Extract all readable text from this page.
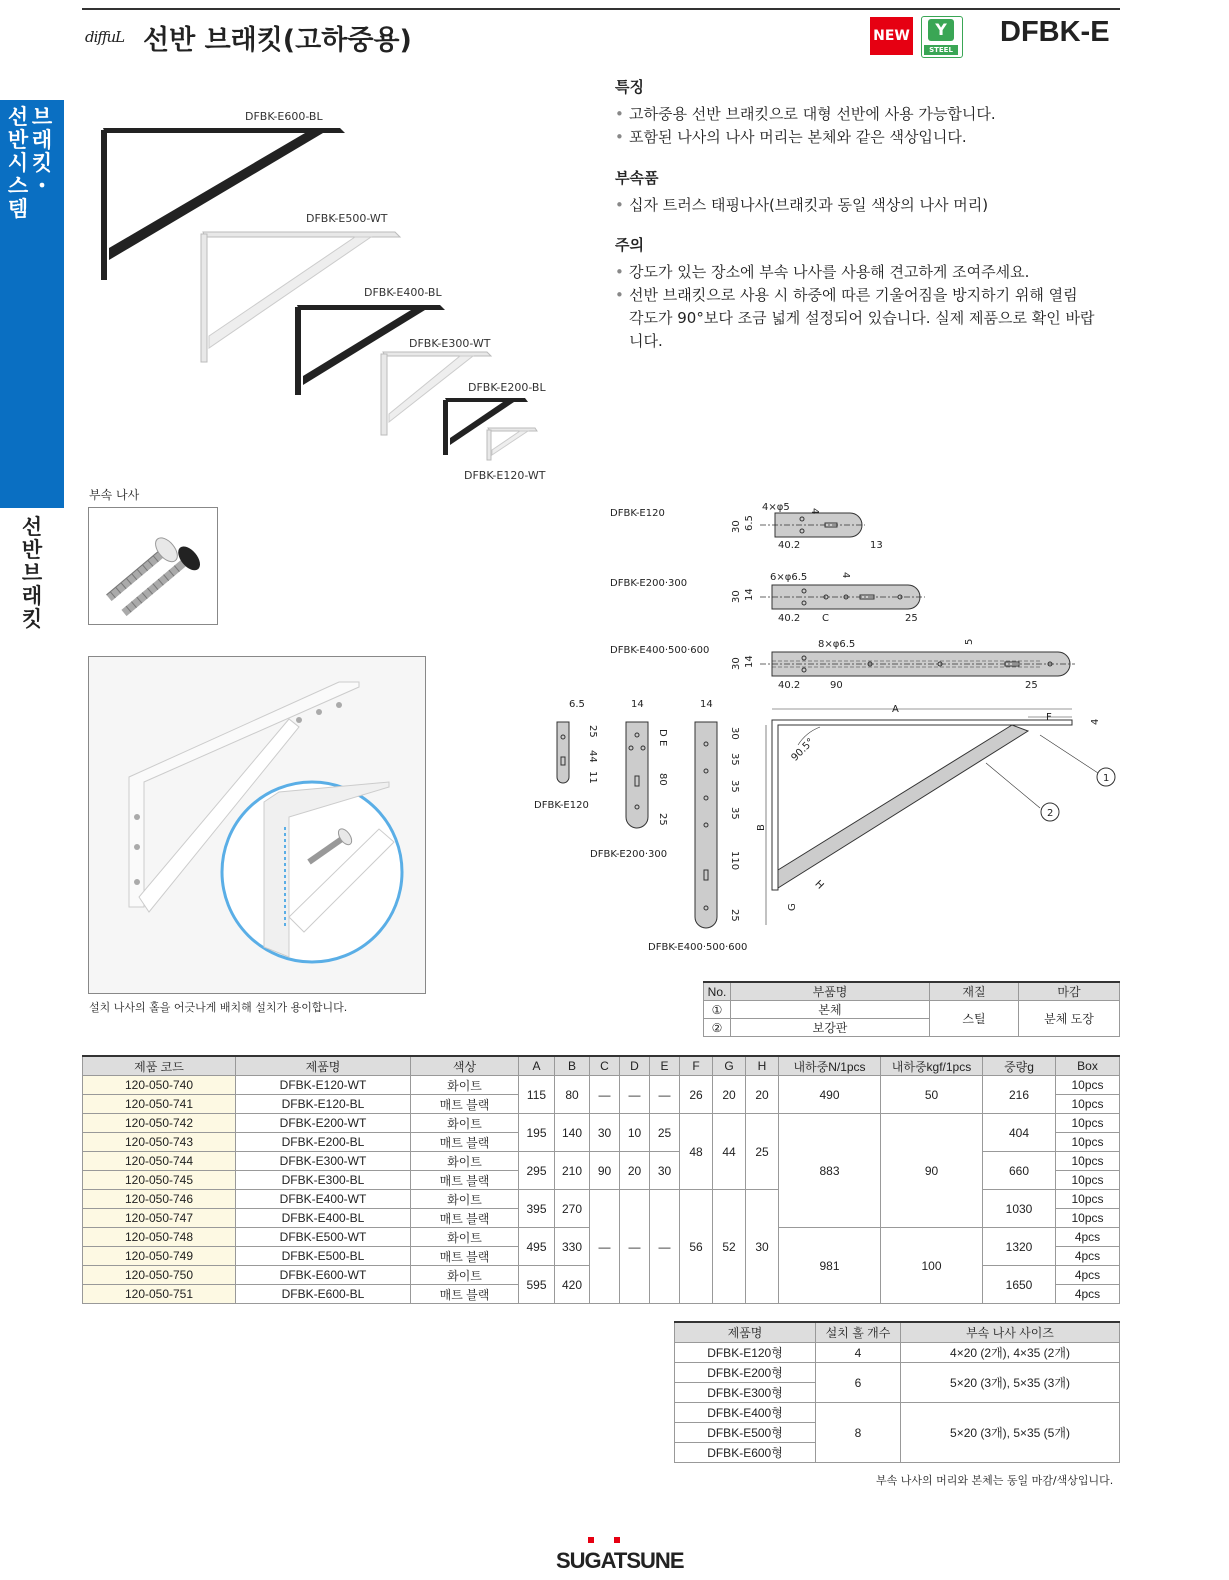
diffuL 선반 브래킷(고하중용)	NEW	Y
STEEL
DFBK-E
선
반
시
스
템
브
래
킷
・
선
반
브
래
킷
DFBK-E600-BL
DFBK-E500-WT
DFBK-E400-BL
DFBK-E300-WT
DFBK-E200-BL
DFBK-E120-WT
특징
• 고하중용 선반 브래킷으로 대형 선반에 사용 가능합니다.
• 포함된 나사의 나사 머리는 본체와 같은 색상입니다.
부속품
• 십자 트러스 태핑나사(브래킷과 동일 색상의 나사 머리)
주의
• 강도가 있는 장소에 부속 나사를 사용해 견고하게 조여주세요.
• 선반 브래킷으로 사용 시 하중에 따른 기울어짐을 방지하기 위해 열림 각도가 90°보다 조금 넓게 설정되어 있습니다. 실제 제품으로 확인 바랍니다.
부속 나사
설치 나사의 홀을 어긋나게 배치해 설치가 용이합니다.
DFBK-E120
4×φ5 4
30 6.5
40.2	13
DFBK-E200·300
6×φ6.5	4
30 14
40.2 C	25
DFBK-E400·500·600
8×φ6.5	5
30 14
40.2	90	25
6.5
25
44
11
DFBK-E120
14
D
E
80
25
DFBK-E200·300
14
30
35
35
35
110
25
DFBK-E400·500·600
A
F	4
90.5°
B
H
G
1
2
No.	부품명	재질	마감
①	본체	스틸	분체 도장
②	보강판		
제품 코드	제품명	색상	A	B	C	D	E	F	G	H	내하중N/1pcs	내하중kgf/1pcs	중량g	Box
120-050-740	DFBK-E120-WT	화이트	115	80	—	—	—	26	20	20	490	50	216	10pcs
120-050-741	DFBK-E120-BL	매트 블랙												10pcs
120-050-742	DFBK-E200-WT	화이트	195	140	30	10	25	48	44	25	883	90	404	10pcs
120-050-743	DFBK-E200-BL	매트 블랙												10pcs
120-050-744	DFBK-E300-WT	화이트	295	210	90	20	30						660	10pcs
120-050-745	DFBK-E300-BL	매트 블랙												10pcs
120-050-746	DFBK-E400-WT	화이트	395	270	—	—	—	56	52	30			1030	10pcs
120-050-747	DFBK-E400-BL	매트 블랙												10pcs
120-050-748	DFBK-E500-WT	화이트	495	330							981	100	1320	4pcs
120-050-749	DFBK-E500-BL	매트 블랙												4pcs
120-050-750	DFBK-E600-WT	화이트	595	420									1650	4pcs
120-050-751	DFBK-E600-BL	매트 블랙												4pcs
제품명	설치 홀 개수	부속 나사 사이즈
DFBK-E120형	4	4×20 (2개), 4×35 (2개)
DFBK-E200형	6	5×20 (3개), 5×35 (3개)
DFBK-E300형		
DFBK-E400형	8	5×20 (3개), 5×35 (5개)
DFBK-E500형		
DFBK-E600형		
부속 나사의 머리와 본체는 동일 마감/색상입니다.
SUGATSUNE
